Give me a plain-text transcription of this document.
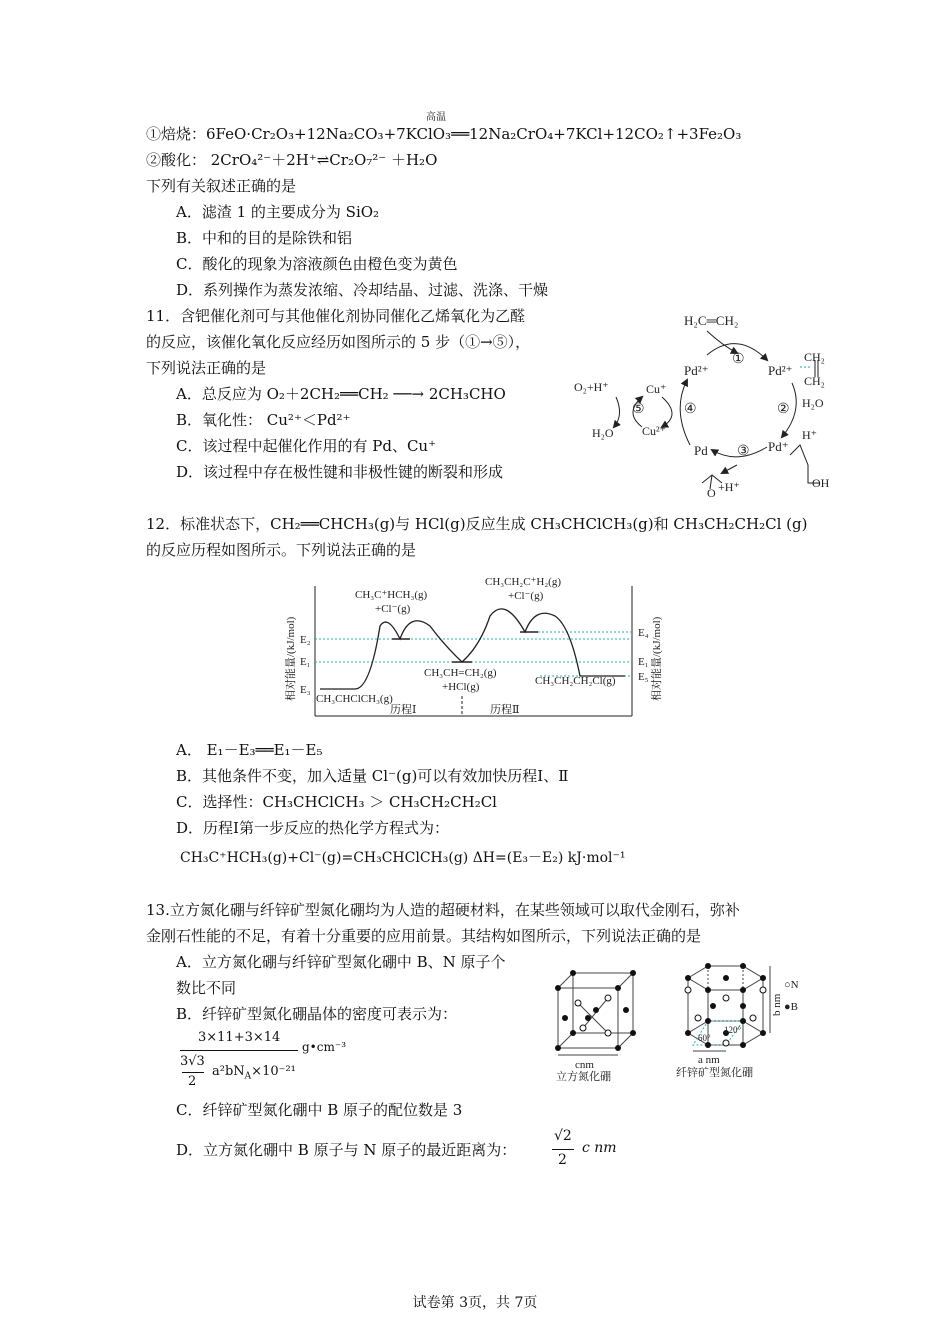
高温
①焙烧：6FeO·Cr₂O₃+12Na₂CO₃+7KClO₃══12Na₂CrO₄+7KCl+12CO₂↑+3Fe₂O₃
②酸化： 2CrO₄²⁻＋2H⁺⇌Cr₂O₇²⁻ ＋H₂O
下列有关叙述正确的是
A．滤渣 1 的主要成分为 SiO₂
B．中和的目的是除铁和铝
C．酸化的现象为溶液颜色由橙色变为黄色
D．系列操作为蒸发浓缩、冷却结晶、过滤、洗涤、干燥
11．含钯催化剂可与其他催化剂协同催化乙烯氧化为乙醛
的反应，该催化氧化反应经历如图所示的 5 步（①→⑤），
下列说法正确的是
A．总反应为 O₂＋2CH₂══CH₂ ──→ 2CH₃CHO
B．氧化性： Cu²⁺＜Pd²⁺
C．该过程中起催化作用的有 Pd、Cu⁺
D．该过程中存在极性键和非极性键的断裂和形成
H₂C═CH₂
①
Pd²⁺	Pd²⁺
CH₂
CH₂
② H₂O
H⁺
Pd⁺
OH
③
O +H⁺
Pd
④
Cu⁺
Cu²⁺
⑤
O₂+H⁺
H₂O
12．标准状态下，CH₂══CHCH₃(g)与 HCl(g)反应生成 CH₃CHClCH₃(g)和 CH₃CH₂CH₂Cl (g)
的反应历程如图所示。下列说法正确的是
相对能量/(kJ/mol)	相对能量/(kJ/mol)
E₂
E₁
E₃
E₄
E₁
E₅
CH₃C⁺HCH₃(g)
+Cl⁻(g)
CH₃CH₂C⁺H₂(g)
+Cl⁻(g)
CH₃CH=CH₂(g)
+HCl(g)
CH₃CHClCH₃(g)
CH₃CH₂CH₂Cl(g)
历程Ⅰ	历程Ⅱ
A． E₁－E₃══E₁－E₅
B．其他条件不变，加入适量 Cl⁻(g)可以有效加快历程Ⅰ、Ⅱ
C．选择性：CH₃CHClCH₃ ＞ CH₃CH₂CH₂Cl
D．历程Ⅰ第一步反应的热化学方程式为：
CH₃C⁺HCH₃(g)+Cl⁻(g)=CH₃CHClCH₃(g) ΔH=(E₃－E₂) kJ·mol⁻¹
13.立方氮化硼与纤锌矿型氮化硼均为人造的超硬材料，在某些领域可以取代金刚石，弥补
金刚石性能的不足，有着十分重要的应用前景。其结构如图所示，下列说法正确的是
A．立方氮化硼与纤锌矿型氮化硼中 B、N 原子个
数比不同
B．纤锌矿型氮化硼晶体的密度可表示为：
3×11+3×14
g•cm⁻³
3√3
2
$a^2bN_A\times 10^{-21}$
C．纤锌矿型氮化硼中 B 原子的配位数是 3
D．立方氮化硼中 B 原子与 N 原子的最近距离为：
√2
2
c nm
cnm
立方氮化硼
b nm
60°
120°
a nm
纤锌矿型氮化硼
○N
●B
试卷第 3页，共 7页
